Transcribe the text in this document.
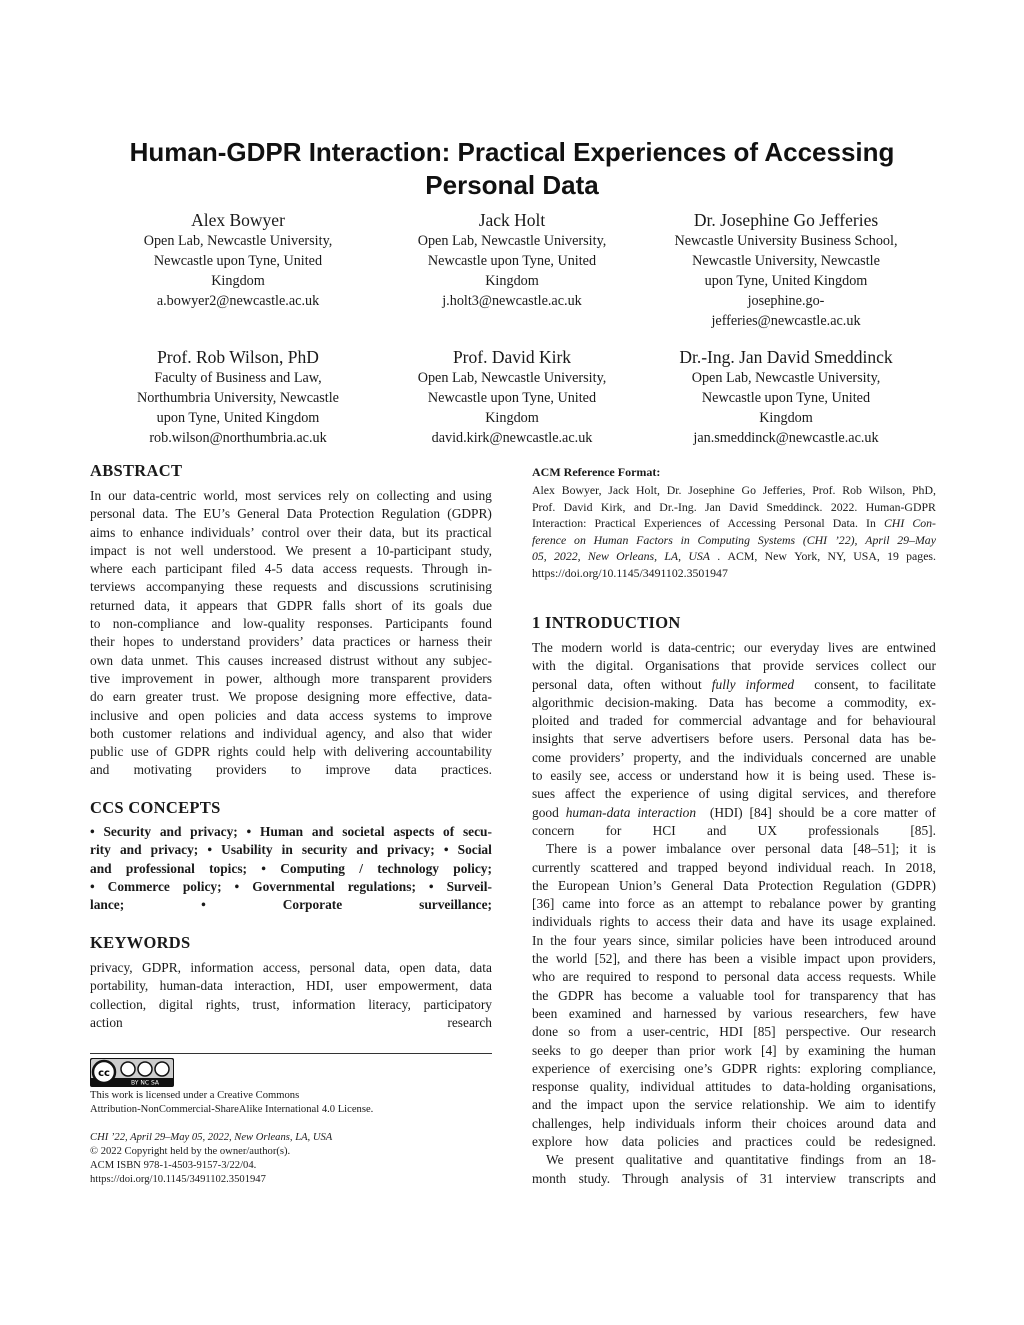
Human-GDPR Interaction: Practical Experiences of Accessing
Personal Data
Alex Bowyer
Open Lab, Newcastle University,
Newcastle upon Tyne, United
Kingdom
a.bowyer2@newcastle.ac.uk
Jack Holt
Open Lab, Newcastle University,
Newcastle upon Tyne, United
Kingdom
j.holt3@newcastle.ac.uk
Dr. Josephine Go Jefferies
Newcastle University Business School,
Newcastle University, Newcastle
upon Tyne, United Kingdom
josephine.go-
jefferies@newcastle.ac.uk
Prof. Rob Wilson, PhD
Faculty of Business and Law,
Northumbria University, Newcastle
upon Tyne, United Kingdom
rob.wilson@northumbria.ac.uk
Prof. David Kirk
Open Lab, Newcastle University,
Newcastle upon Tyne, United
Kingdom
david.kirk@newcastle.ac.uk
Dr.-Ing. Jan David Smeddinck
Open Lab, Newcastle University,
Newcastle upon Tyne, United
Kingdom
jan.smeddinck@newcastle.ac.uk
ABSTRACT
In our data-centric world, most services rely on collecting and using
personal data. The EU’s General Data Protection Regulation (GDPR)
aims to enhance individuals’ control over their data, but its practical
impact is not well understood. We present a 10-participant study,
where each participant filed 4-5 data access requests. Through in-
terviews accompanying these requests and discussions scrutinising
returned data, it appears that GDPR falls short of its goals due
to non-compliance and low-quality responses. Participants found
their hopes to understand providers’ data practices or harness their
own data unmet. This causes increased distrust without any subjec-
tive improvement in power, although more transparent providers
do earn greater trust. We propose designing more effective, data-
inclusive and open policies and data access systems to improve
both customer relations and individual agency, and also that wider
public use of GDPR rights could help with delivering accountability
and motivating providers to improve data practices.
CCS CONCEPTS
• Security and privacy; • Human and societal aspects of secu-
rity and privacy; • Usability in security and privacy; • Social
and professional topics; • Computing / technology policy;
• Commerce policy; • Governmental regulations; • Surveil-
lance; • Corporate surveillance;
KEYWORDS
privacy, GDPR, information access, personal data, open data, data
portability, human-data interaction, HDI, user empowerment, data
collection, digital rights, trust, information literacy, participatory
action research
cc
BY NC SA
This work is licensed under a Creative Commons
Attribution-NonCommercial-ShareAlike International 4.0 License.
CHI ’22, April 29–May 05, 2022, New Orleans, LA, USA
© 2022 Copyright held by the owner/author(s).
ACM ISBN 978-1-4503-9157-3/22/04.
https://doi.org/10.1145/3491102.3501947
ACM Reference Format:
Alex Bowyer, Jack Holt, Dr. Josephine Go Jefferies, Prof. Rob Wilson, PhD,
Prof. David Kirk, and Dr.-Ing. Jan David Smeddinck. 2022. Human-GDPR
Interaction: Practical Experiences of Accessing Personal Data. In CHI Con-
ference on Human Factors in Computing Systems (CHI ’22), April 29–May
05, 2022, New Orleans, LA, USA . ACM, New York, NY, USA, 19 pages.
https://doi.org/10.1145/3491102.3501947
1 INTRODUCTION
The modern world is data-centric; our everyday lives are entwined
with the digital. Organisations that provide services collect our
personal data, often without fully informed consent, to facilitate
algorithmic decision-making. Data has become a commodity, ex-
ploited and traded for commercial advantage and for behavioural
insights that serve advertisers before users. Personal data has be-
come providers’ property, and the individuals concerned are unable
to easily see, access or understand how it is being used. These is-
sues affect the experience of using digital services, and therefore
good human-data interaction (HDI) [84] should be a core matter of
concern for HCI and UX professionals [85].
There is a power imbalance over personal data [48–51]; it is
currently scattered and trapped beyond individual reach. In 2018,
the European Union’s General Data Protection Regulation (GDPR)
[36] came into force as an attempt to rebalance power by granting
individuals rights to access their data and have its usage explained.
In the four years since, similar policies have been introduced around
the world [52], and there has been a visible impact upon providers,
who are required to respond to personal data access requests. While
the GDPR has become a valuable tool for transparency that has
been examined and harnessed by various researchers, few have
done so from a user-centric, HDI [85] perspective. Our research
seeks to go deeper than prior work [4] by examining the human
experience of exercising one’s GDPR rights: exploring compliance,
response quality, individual attitudes to data-holding organisations,
and the impact upon the service relationship. We aim to identify
challenges, help individuals inform their choices around data and
explore how data policies and practices could be redesigned.
We present qualitative and quantitative findings from an 18-
month study. Through analysis of 31 interview transcripts and
